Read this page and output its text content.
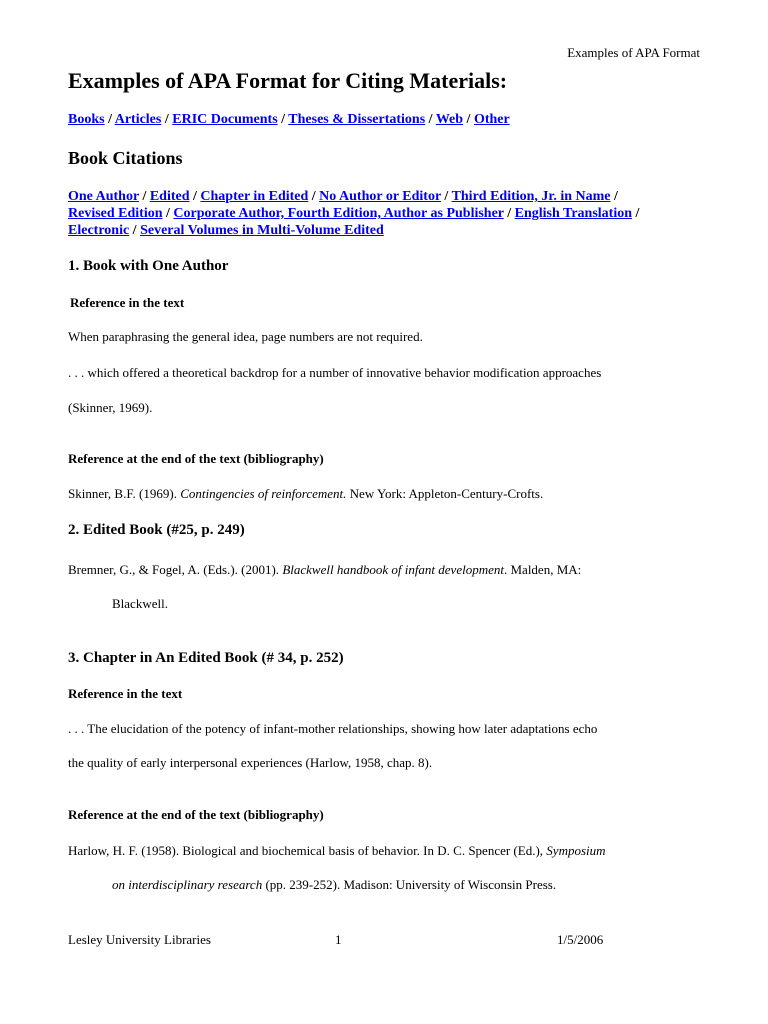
Examples of APA Format
Examples of APA Format for Citing Materials:
Books / Articles / ERIC Documents / Theses & Dissertations / Web / Other
Book Citations
One Author / Edited / Chapter in Edited / No Author or Editor / Third Edition, Jr. in Name /
Revised Edition / Corporate Author, Fourth Edition, Author as Publisher / English Translation /
Electronic / Several Volumes in Multi-Volume Edited
1. Book with One Author
Reference in the text
When paraphrasing the general idea, page numbers are not required.
. . . which offered a theoretical backdrop for a number of innovative behavior modification approaches
(Skinner, 1969).
Reference at the end of the text (bibliography)
Skinner, B.F. (1969). Contingencies of reinforcement. New York: Appleton-Century-Crofts.
2. Edited Book (#25, p. 249)
Bremner, G., & Fogel, A. (Eds.). (2001). Blackwell handbook of infant development. Malden, MA:
Blackwell.
3. Chapter in An Edited Book (# 34, p. 252)
Reference in the text
. . . The elucidation of the potency of infant-mother relationships, showing how later adaptations echo
the quality of early interpersonal experiences (Harlow, 1958, chap. 8).
Reference at the end of the text (bibliography)
Harlow, H. F. (1958). Biological and biochemical basis of behavior. In D. C. Spencer (Ed.), Symposium
on interdisciplinary research (pp. 239-252). Madison: University of Wisconsin Press.
Lesley University Libraries	1	1/5/2006
